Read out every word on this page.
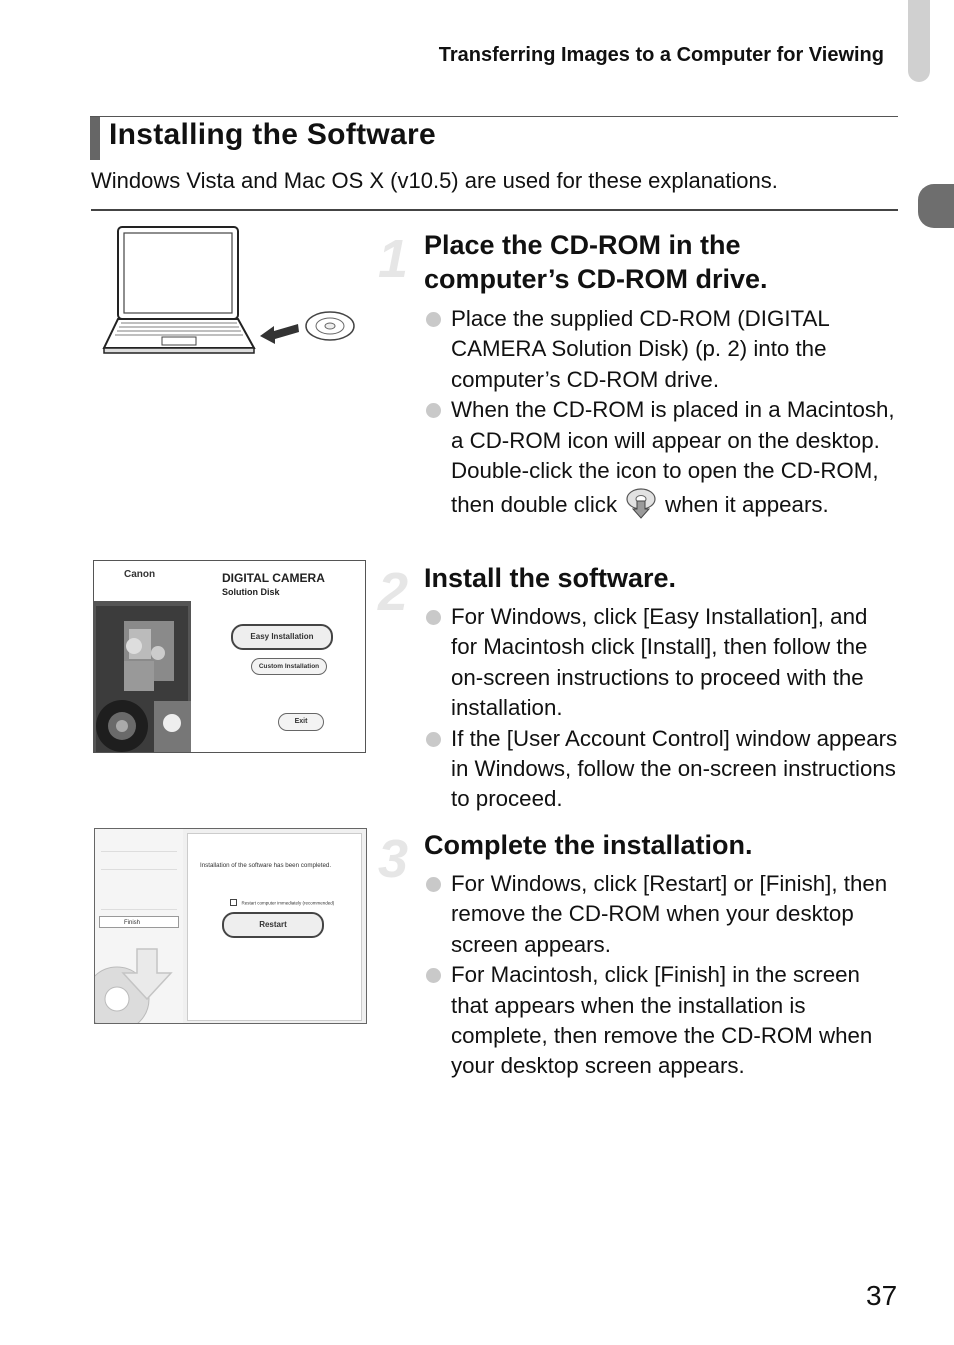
Transferring Images to a Computer for Viewing
Installing the Software
Windows Vista and Mac OS X (v10.5) are used for these explanations.
1 Place the CD-ROM in the
computer’s CD-ROM drive.
Place the supplied CD-ROM (DIGITAL CAMERA Solution Disk) (p. 2) into the computer’s CD-ROM drive.
When the CD-ROM is placed in a Macintosh, a CD-ROM icon will appear on the desktop. Double-click the icon to open the CD-ROM, then double click when it appears.
Canon	DIGITAL CAMERA
Solution Disk
Easy Installation
Custom Installation
Exit
2 Install the software.
For Windows, click [Easy Installation], and for Macintosh click [Install], then follow the on-screen instructions to proceed with the installation.
If the [User Account Control] window appears in Windows, follow the on-screen instructions to proceed.
Finish
Installation of the software has been completed.
Restart computer immediately (recommended)
Restart
3 Complete the installation.
For Windows, click [Restart] or [Finish], then remove the CD-ROM when your desktop screen appears.
For Macintosh, click [Finish] in the screen that appears when the installation is complete, then remove the CD-ROM when your desktop screen appears.
37
